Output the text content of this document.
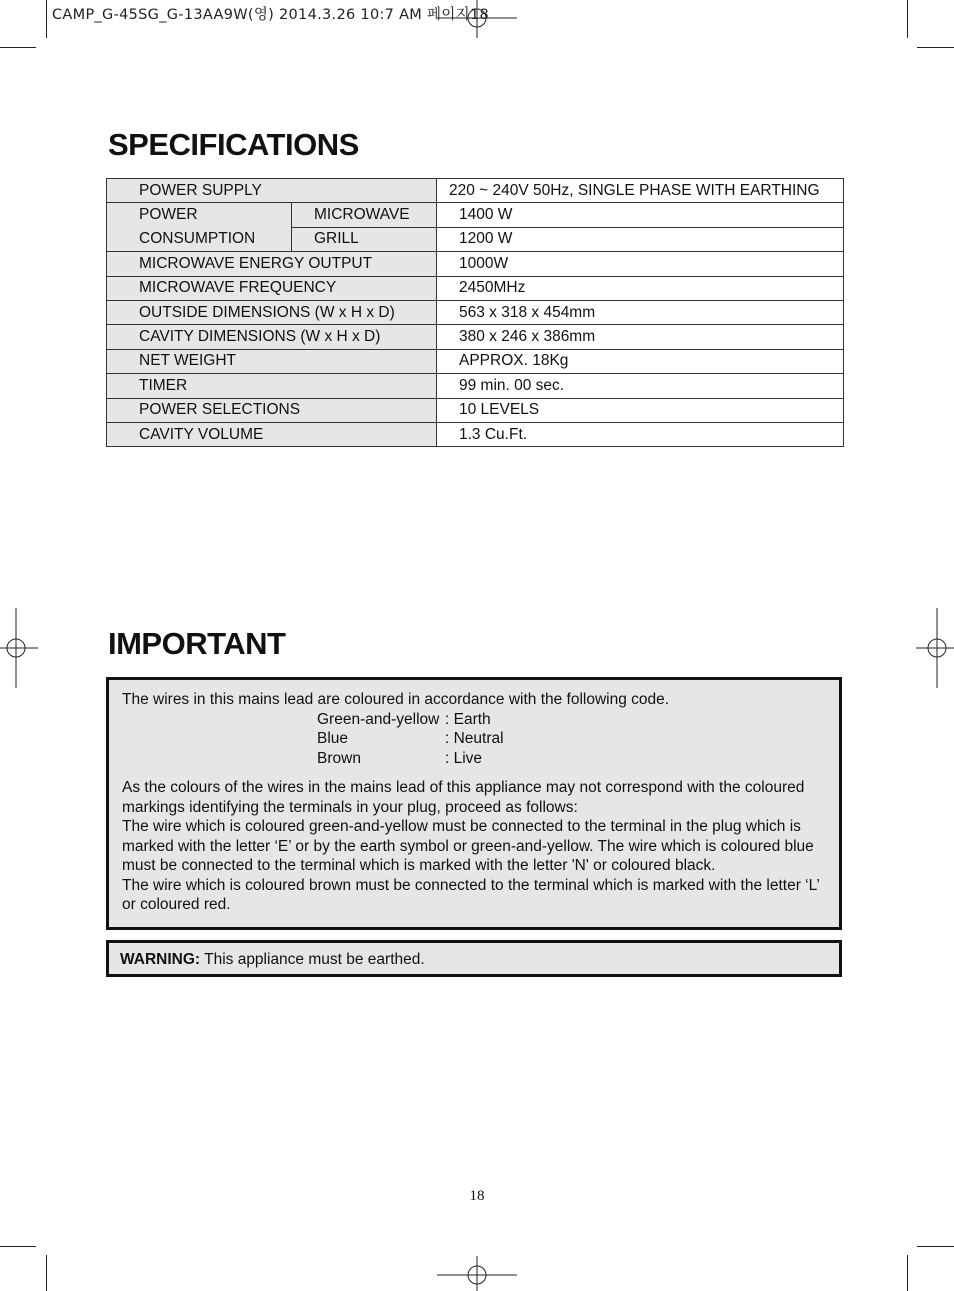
CAMP_G-45SG_G-13AA9W(영) 2014.3.26 10:7 AM 페이지18
SPECIFICATIONS
POWER SUPPLY		220 ~ 240V 50Hz, SINGLE PHASE WITH EARTHING
POWER	MICROWAVE	1400 W
CONSUMPTION	GRILL	1200 W
MICROWAVE ENERGY OUTPUT		1000W
MICROWAVE FREQUENCY		2450MHz
OUTSIDE DIMENSIONS (W x H x D)		563 x 318 x 454mm
CAVITY DIMENSIONS (W x H x D)		380 x 246 x 386mm
NET WEIGHT		APPROX. 18Kg
TIMER		99 min. 00 sec.
POWER SELECTIONS		10 LEVELS
CAVITY VOLUME		1.3 Cu.Ft.
IMPORTANT
The wires in this mains lead are coloured in accordance with the following code.
Green-and-yellow : Earth
Blue	: Neutral
Brown	: Live
As the colours of the wires in the mains lead of this appliance may not correspond with the coloured markings identifying the terminals in your plug, proceed as follows:
The wire which is coloured green-and-yellow must be connected to the terminal in the plug which is marked with the letter ‘E’ or by the earth symbol or green-and-yellow. The wire which is coloured blue must be connected to the terminal which is marked with the letter 'N' or coloured black.
The wire which is coloured brown must be connected to the terminal which is marked with the letter ‘L’ or coloured red.
WARNING: This appliance must be earthed.
18
